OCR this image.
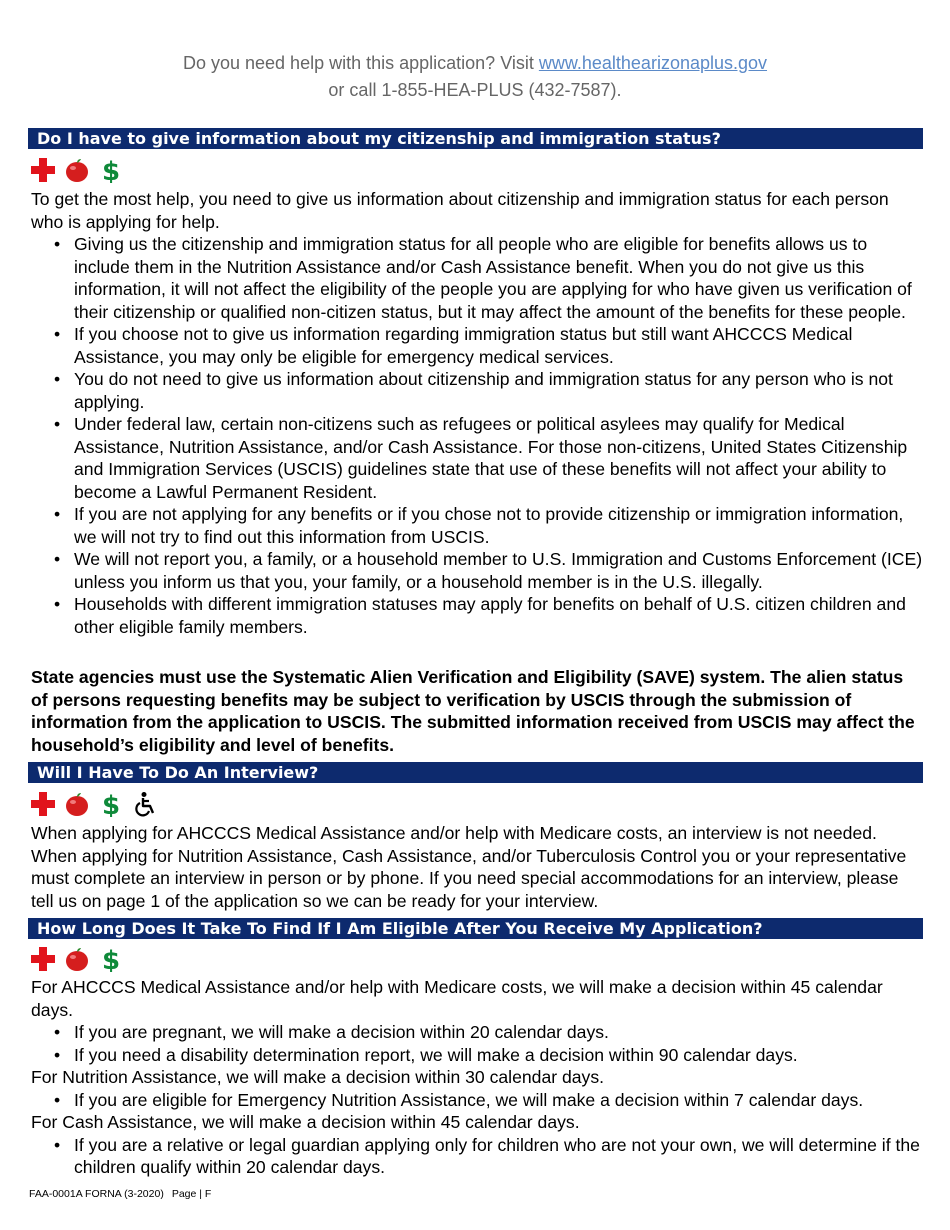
Do you need help with this application? Visit www.healthearizonaplus.gov
or call 1-855-HEA-PLUS (432-7587).
Do I have to give information about my citizenship and immigration status?
$

To get the most help, you need to give us information about citizenship and immigration status for each person who is applying for help.

• Giving us the citizenship and immigration status for all people who are eligible for benefits allows us to include them in the Nutrition Assistance and/or Cash Assistance benefit. When you do not give us this information, it will not affect the eligibility of the people you are applying for who have given us verification of their citizenship or qualified non-citizen status, but it may affect the amount of the benefits for these people.
• If you choose not to give us information regarding immigration status but still want AHCCCS Medical Assistance, you may only be eligible for emergency medical services.
• You do not need to give us information about citizenship and immigration status for any person who is not applying.
• Under federal law, certain non-citizens such as refugees or political asylees may qualify for Medical Assistance, Nutrition Assistance, and/or Cash Assistance. For those non-citizens, United States Citizenship and Immigration Services (USCIS) guidelines state that use of these benefits will not affect your ability to become a Lawful Permanent Resident.
• If you are not applying for any benefits or if you chose not to provide citizenship or immigration information, we will not try to find out this information from USCIS.
• We will not report you, a family, or a household member to U.S. Immigration and Customs Enforcement (ICE) unless you inform us that you, your family, or a household member is in the U.S. illegally.
• Households with different immigration statuses may apply for benefits on behalf of U.S. citizen children and other eligible family members.
State agencies must use the Systematic Alien Verification and Eligibility (SAVE) system. The alien status of persons requesting benefits may be subject to verification by USCIS through the submission of information from the application to USCIS. The submitted information received from USCIS may affect the household’s eligibility and level of benefits.
Will I Have To Do An Interview?
$
When applying for AHCCCS Medical Assistance and/or help with Medicare costs, an interview is not needed. When applying for Nutrition Assistance, Cash Assistance, and/or Tuberculosis Control you or your representative must complete an interview in person or by phone. If you need special accommodations for an interview, please tell us on page 1 of the application so we can be ready for your interview.
How Long Does It Take To Find If I Am Eligible After You Receive My Application?
$

For AHCCCS Medical Assistance and/or help with Medicare costs, we will make a decision within 45 calendar days.

• If you are pregnant, we will make a decision within 20 calendar days.
• If you need a disability determination report, we will make a decision within 90 calendar days.

For Nutrition Assistance, we will make a decision within 30 calendar days.

• If you are eligible for Emergency Nutrition Assistance, we will make a decision within 7 calendar days.

For Cash Assistance, we will make a decision within 45 calendar days.

• If you are a relative or legal guardian applying only for children who are not your own, we will determine if the children qualify within 20 calendar days.
FAA-0001A FORNA (3-2020) Page | F
